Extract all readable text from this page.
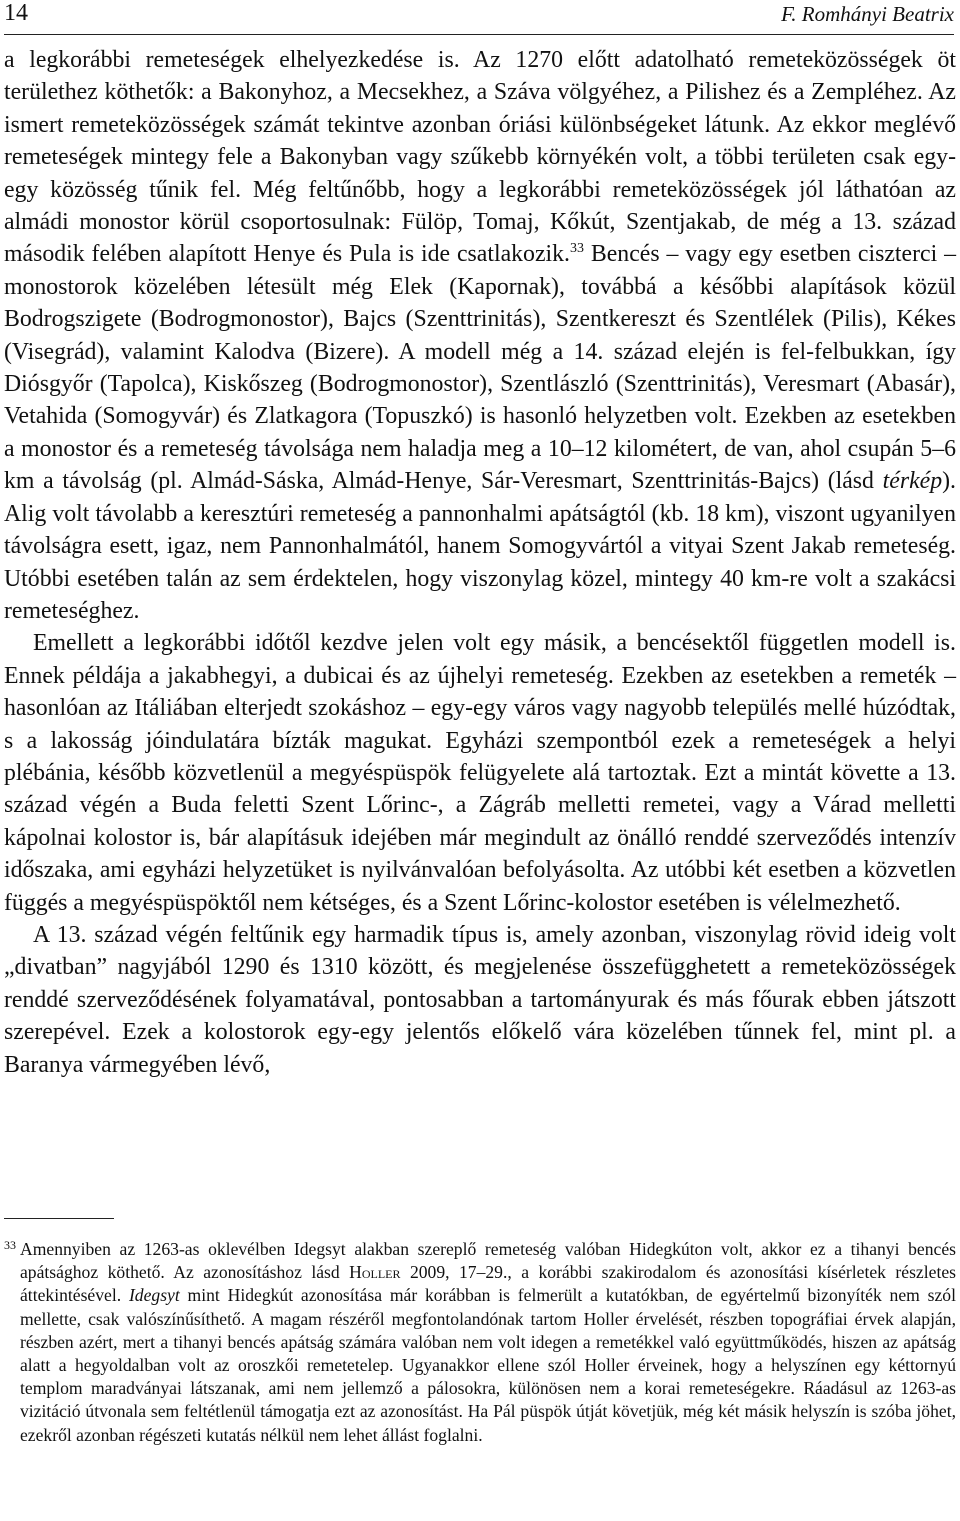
14	F. Romhányi Beatrix

a legkorábbi remeteségek elhelyezkedése is. Az 1270 előtt adatolható remeteközösségek öt területhez köthetők: a Bakonyhoz, a Mecsekhez, a Száva völgyéhez, a Pilishez és a Zempléhez. Az ismert remeteközösségek számát tekintve azonban óriási különbségeket látunk. Az ekkor meglévő remeteségek mintegy fele a Bakonyban vagy szűkebb környékén volt, a többi területen csak egy-egy közösség tűnik fel. Még feltűnőbb, hogy a legkorábbi remeteközösségek jól láthatóan az almádi monostor körül csoportosulnak: Fülöp, Tomaj, Kőkút, Szentjakab, de még a 13. század második felében alapított Henye és Pula is ide csatlakozik.$^{33}$ Bencés – vagy egy esetben ciszterci – monostorok közelében létesült még Elek (Kapornak), továbbá a későbbi alapítások közül Bodrogszigete (Bodrogmonostor), Bajcs (Szenttrinitás), Szentkereszt és Szentlélek (Pilis), Kékes (Visegrád), valamint Kalodva (Bizere). A modell még a 14. század elején is fel-felbukkan, így Diósgyőr (Tapolca), Kiskőszeg (Bodrogmonostor), Szentlászló (Szenttrinitás), Veresmart (Abasár), Vetahida (Somogyvár) és Zlatkagora (Topuszkó) is hasonló helyzetben volt. Ezekben az esetekben a monostor és a remeteség távolsága nem haladja meg a 10–12 kilométert, de van, ahol csupán 5–6 km a távolság (pl. Almád-Sáska, Almád-Henye, Sár-Veresmart, Szenttrinitás-Bajcs) (lásd térkép). Alig volt távolabb a keresztúri remeteség a pannonhalmi apátságtól (kb. 18 km), viszont ugyanilyen távolságra esett, igaz, nem Pannonhalmától, hanem Somogyvártól a vityai Szent Jakab remeteség. Utóbbi esetében talán az sem érdektelen, hogy viszonylag közel, mintegy 40 km-re volt a szakácsi remeteséghez.

Emellett a legkorábbi időtől kezdve jelen volt egy másik, a bencésektől független modell is. Ennek példája a jakabhegyi, a dubicai és az újhelyi remeteség. Ezekben az esetekben a remeték – hasonlóan az Itáliában elterjedt szokáshoz – egy-egy város vagy nagyobb település mellé húzódtak, s a lakosság jóindulatára bízták magukat. Egyházi szempontból ezek a remeteségek a helyi plébánia, később közvetlenül a megyéspüspök felügyelete alá tartoztak. Ezt a mintát követte a 13. század végén a Buda feletti Szent Lőrinc-, a Zágráb melletti remetei, vagy a Várad melletti kápolnai kolostor is, bár alapításuk idejében már megindult az önálló renddé szerveződés intenzív időszaka, ami egyházi helyzetüket is nyilvánvalóan befolyásolta. Az utóbbi két esetben a közvetlen függés a megyéspüspöktől nem kétséges, és a Szent Lőrinc-kolostor esetében is vélelmezhető.

A 13. század végén feltűnik egy harmadik típus is, amely azonban, viszonylag rövid ideig volt „divatban” nagyjából 1290 és 1310 között, és megjelenése összefügghetett a remeteközösségek renddé szerveződésének folyamatával, pontosabban a tartományurak és más főurak ebben játszott szerepével. Ezek a kolostorok egy-egy jelentős előkelő vára közelében tűnnek fel, mint pl. a Baranya vármegyében lévő,

33 Amennyiben az 1263-as oklevélben Idegsyt alakban szereplő remeteség valóban Hidegkúton volt, akkor ez a tihanyi bencés apátsághoz köthető. Az azonosításhoz lásd Holler 2009, 17–29., a korábbi szakirodalom és azonosítási kísérletek részletes áttekintésével. Idegsyt mint Hidegkút azonosítása már korábban is felmerült a kutatókban, de egyértelmű bizonyíték nem szól mellette, csak valószínűsíthető. A magam részéről megfontolandónak tartom Holler érvelését, részben topográfiai érvek alapján, részben azért, mert a tihanyi bencés apátság számára valóban nem volt idegen a remetékkel való együttműködés, hiszen az apátság alatt a hegyoldalban volt az oroszkői remetetelep. Ugyanakkor ellene szól Holler érveinek, hogy a helyszínen egy kéttornyú templom maradványai látszanak, ami nem jellemző a pálosokra, különösen nem a korai remeteségekre. Ráadásul az 1263-as vizitáció útvonala sem feltétlenül támogatja ezt az azonosítást. Ha Pál püspök útját követjük, még két másik helyszín is szóba jöhet, ezekről azonban régészeti kutatás nélkül nem lehet állást foglalni.
